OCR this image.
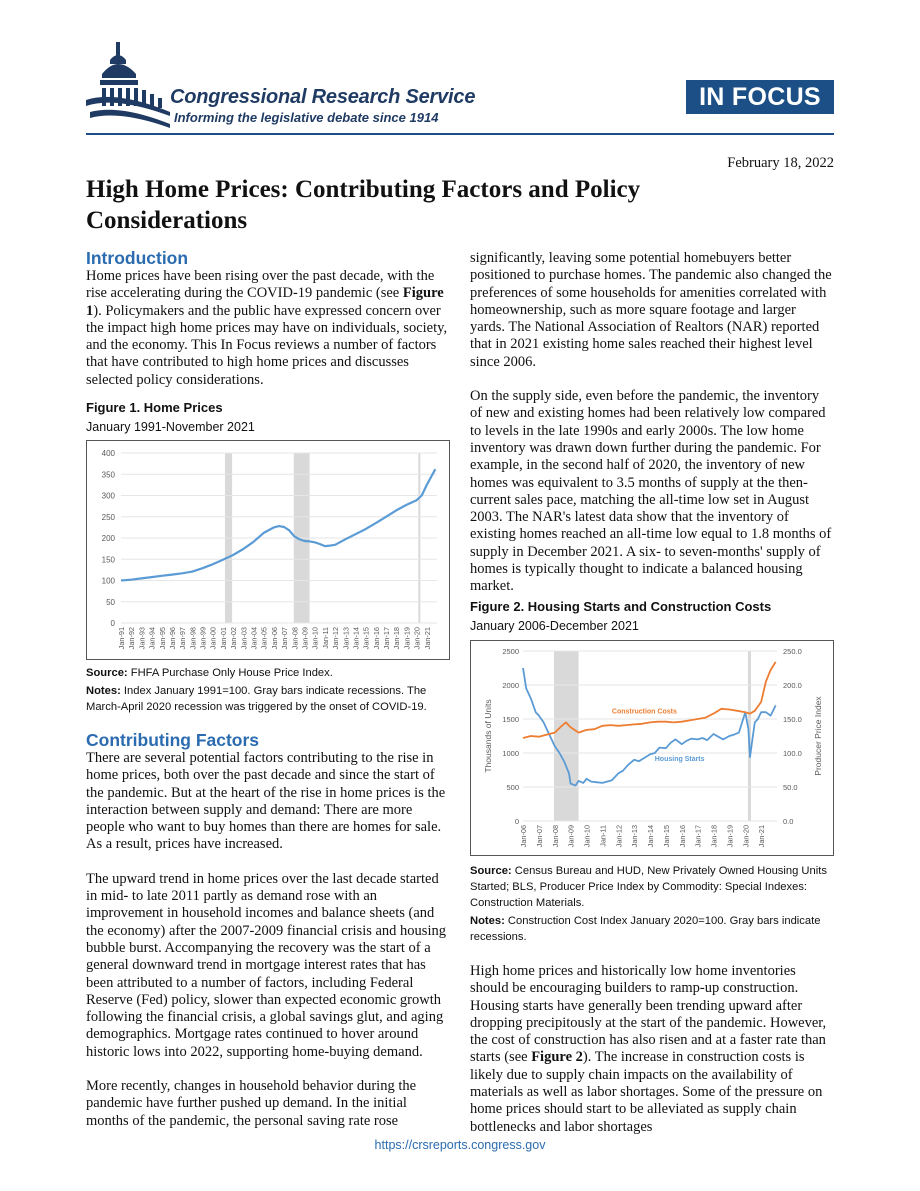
Congressional Research Service
Informing the legislative debate since 1914
IN FOCUS
February 18, 2022
High Home Prices: Contributing Factors and Policy Considerations
Introduction

Home prices have been rising over the past decade, with the rise accelerating during the COVID-19 pandemic (see Figure 1). Policymakers and the public have expressed concern over the impact high home prices may have on individuals, society, and the economy. This In Focus reviews a number of factors that have contributed to high home prices and discusses selected policy considerations.

Figure 1. Home Prices
January 1991-November 2021
0
50
100
150
200
250
300
350
400
Jan-91 Jan-92 Jan-93 Jan-94 Jan-95 Jan-96 Jan-97 Jan-98 Jan-99 Jan-00 Jan-01 Jan-02 Jan-03 Jan-04 Jan-05 Jan-06 Jan-07 Jan-08 Jan-09 Jan-10 Jan-11 Jan-12 Jan-13 Jan-14 Jan-15 Jan-16 Jan-17 Jan-18 Jan-19 Jan-20 Jan-21
Source: FHFA Purchase Only House Price Index.
Notes: Index January 1991=100. Gray bars indicate recessions. The March-April 2020 recession was triggered by the onset of COVID-19.
Contributing Factors

There are several potential factors contributing to the rise in home prices, both over the past decade and since the start of the pandemic. But at the heart of the rise in home prices is the interaction between supply and demand: There are more people who want to buy homes than there are homes for sale. As a result, prices have increased.

The upward trend in home prices over the last decade started in mid- to late 2011 partly as demand rose with an improvement in household incomes and balance sheets (and the economy) after the 2007-2009 financial crisis and housing bubble burst. Accompanying the recovery was the start of a general downward trend in mortgage interest rates that has been attributed to a number of factors, including Federal Reserve (Fed) policy, slower than expected economic growth following the financial crisis, a global savings glut, and aging demographics. Mortgage rates continued to hover around historic lows into 2022, supporting home-buying demand.

More recently, changes in household behavior during the pandemic have further pushed up demand. In the initial months of the pandemic, the personal saving rate rose

significantly, leaving some potential homebuyers better positioned to purchase homes. The pandemic also changed the preferences of some households for amenities correlated with homeownership, such as more square footage and larger yards. The National Association of Realtors (NAR) reported that in 2021 existing home sales reached their highest level since 2006.

On the supply side, even before the pandemic, the inventory of new and existing homes had been relatively low compared to levels in the late 1990s and early 2000s. The low home inventory was drawn down further during the pandemic. For example, in the second half of 2020, the inventory of new homes was equivalent to 3.5 months of supply at the then-current sales pace, matching the all-time low set in August 2003. The NAR's latest data show that the inventory of existing homes reached an all-time low equal to 1.8 months of supply in December 2021. A six- to seven-months' supply of homes is typically thought to indicate a balanced housing market.

Figure 2. Housing Starts and Construction Costs
January 2006-December 2021
0
500
1000
1500
2000
2500
0.0
50.0
100.0
150.0
200.0
250.0
Jan-06 Jan-07 Jan-08 Jan-09 Jan-10 Jan-11 Jan-12 Jan-13 Jan-14 Jan-15 Jan-16 Jan-17 Jan-18 Jan-19 Jan-20 Jan-21
Thousands of Units	Producer Price Index
Construction Costs
Housing Starts
Source: Census Bureau and HUD, New Privately Owned Housing Units Started; BLS, Producer Price Index by Commodity: Special Indexes: Construction Materials.
Notes: Construction Cost Index January 2020=100. Gray bars indicate recessions.

High home prices and historically low home inventories should be encouraging builders to ramp-up construction. Housing starts have generally been trending upward after dropping precipitously at the start of the pandemic. However, the cost of construction has also risen and at a faster rate than starts (see Figure 2). The increase in construction costs is likely due to supply chain impacts on the availability of materials as well as labor shortages. Some of the pressure on home prices should start to be alleviated as supply chain bottlenecks and labor shortages

https://crsreports.congress.gov
